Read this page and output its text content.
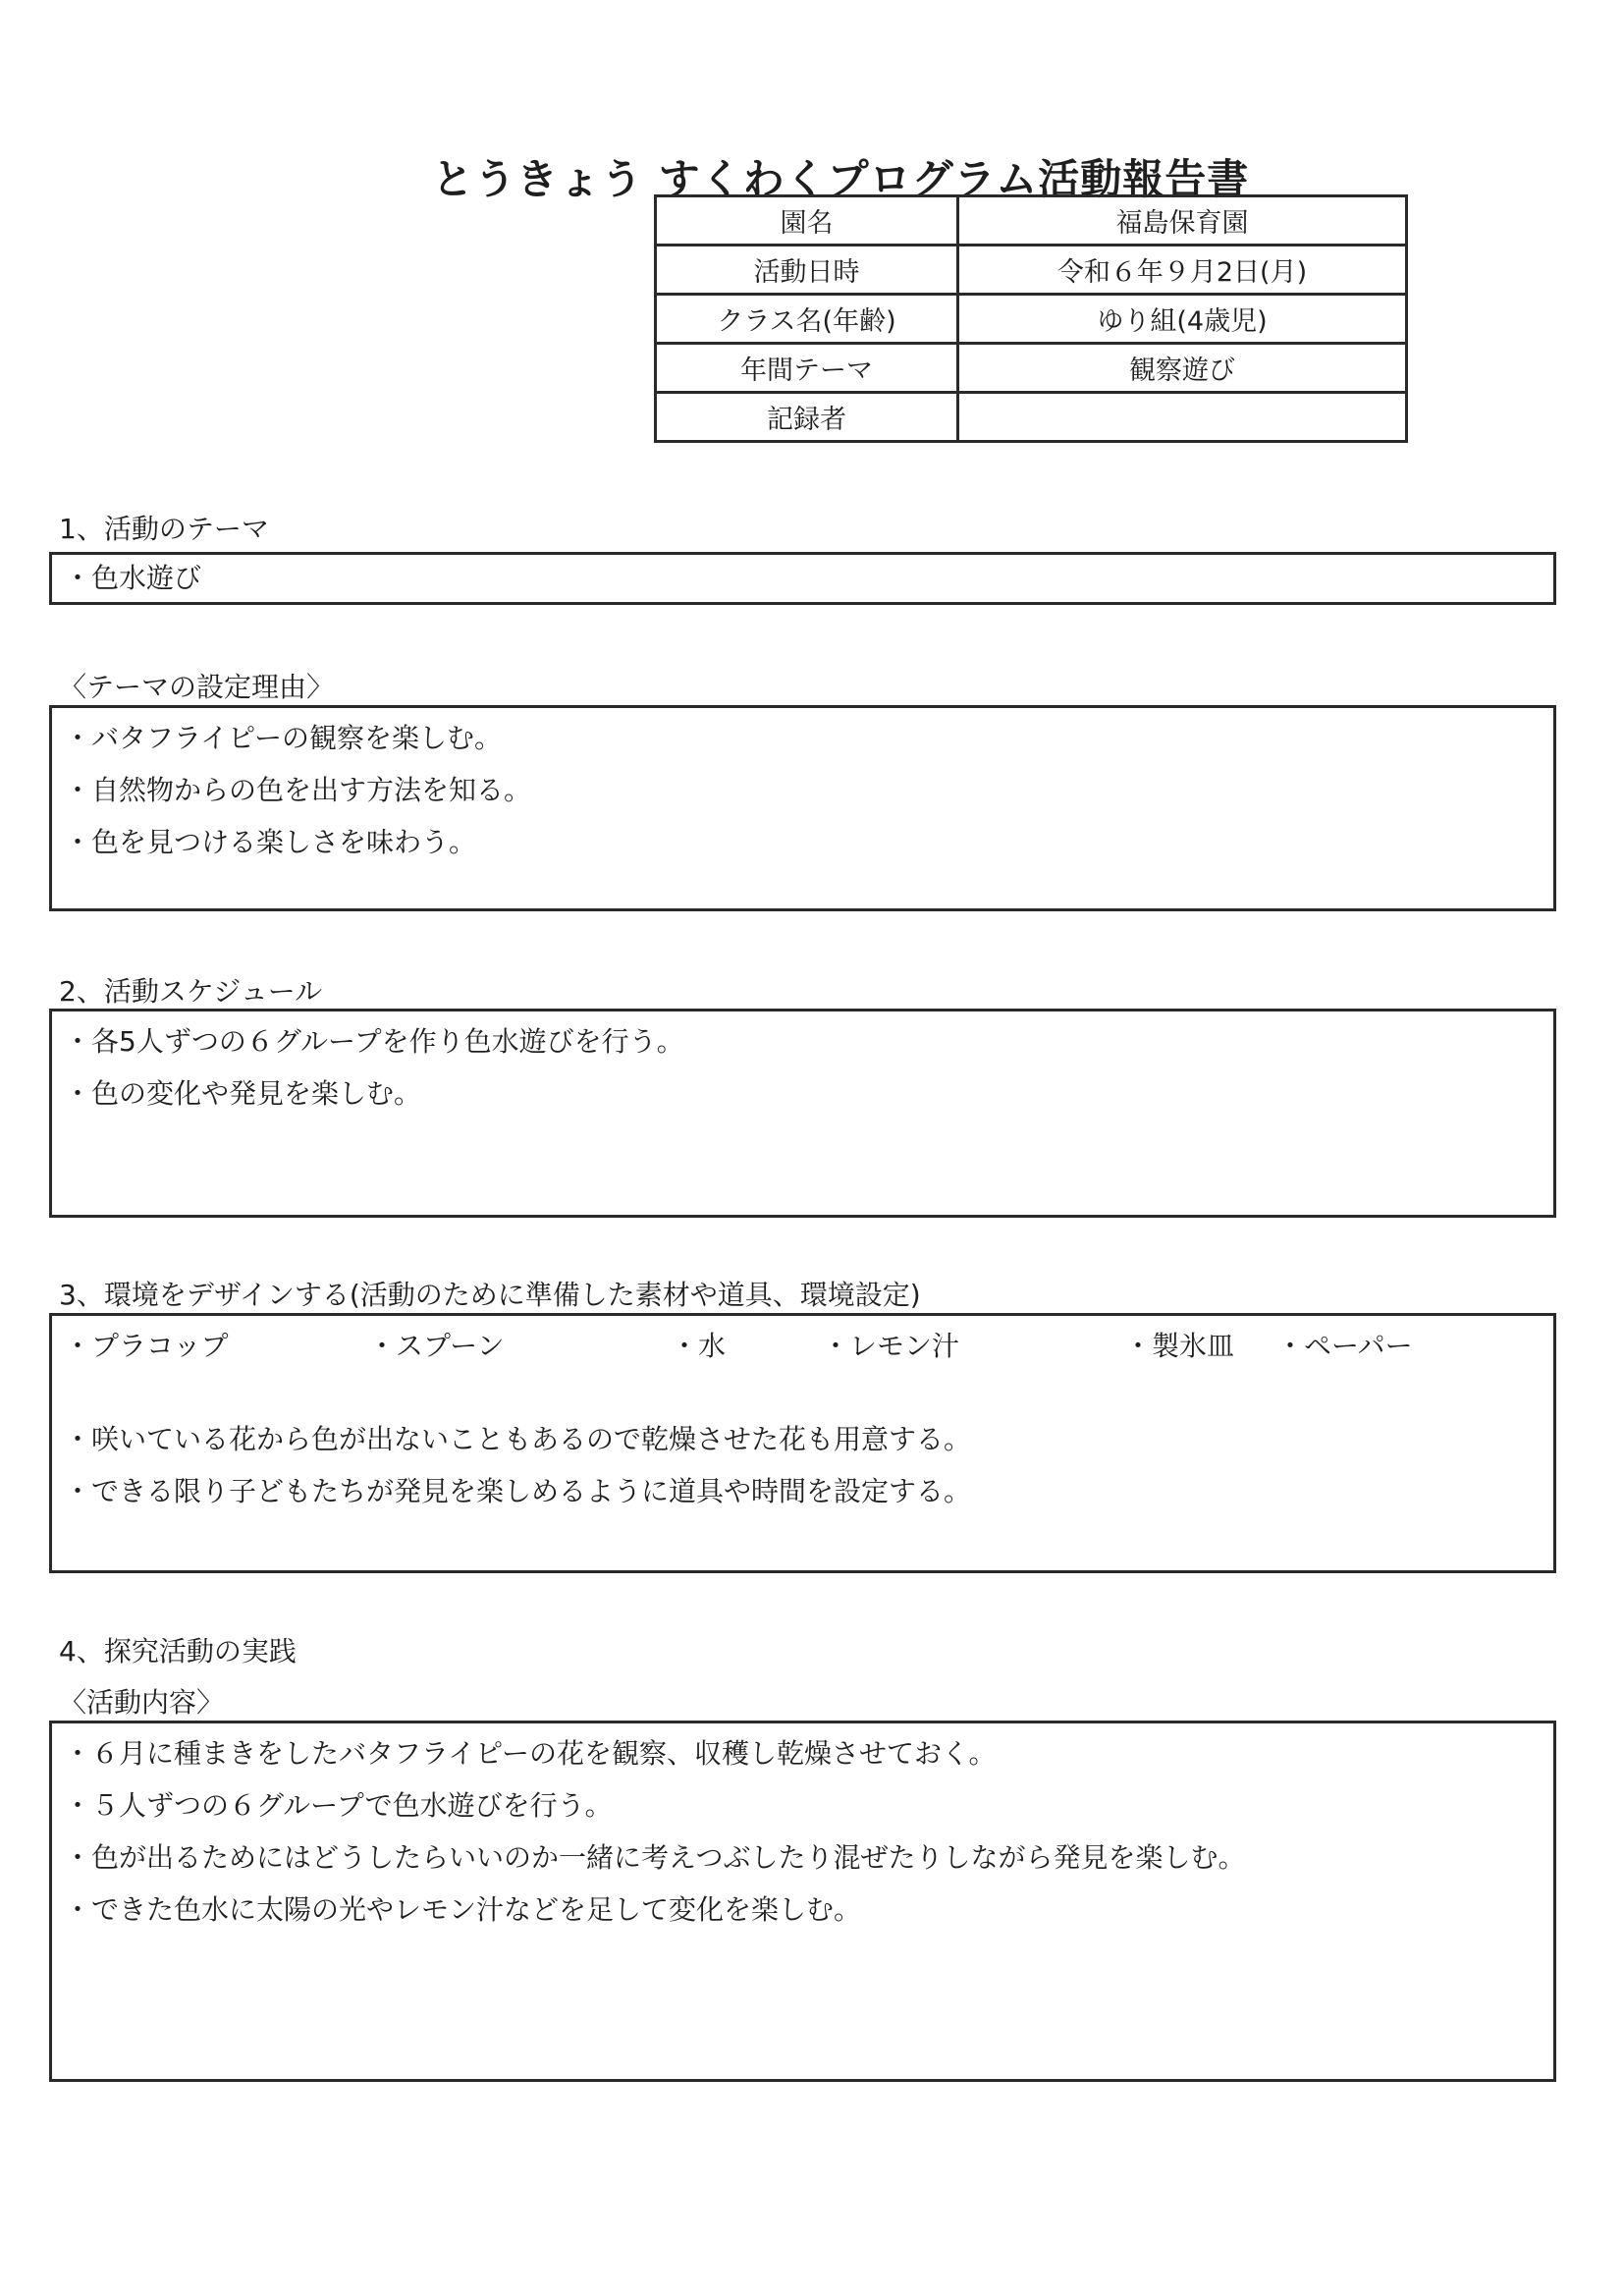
とうきょう すくわくプログラム活動報告書
園名	福島保育園
活動日時	令和６年９月2日(月)
クラス名(年齢)	ゆり組(4歳児)
年間テーマ	観察遊び
記録者	
1、活動のテーマ
・色水遊び
〈テーマの設定理由〉
・バタフライピーの観察を楽しむ。
・自然物からの色を出す方法を知る。
・色を見つける楽しさを味わう。
2、活動スケジュール
・各5人ずつの６グループを作り色水遊びを行う。
・色の変化や発見を楽しむ。
3、環境をデザインする(活動のために準備した素材や道具、環境設定)
・プラコップ	・スプーン	・水	・レモン汁	・製氷皿 ・ペーパー
・咲いている花から色が出ないこともあるので乾燥させた花も用意する。
・できる限り子どもたちが発見を楽しめるように道具や時間を設定する。
4、探究活動の実践
〈活動内容〉
・６月に種まきをしたバタフライピーの花を観察、収穫し乾燥させておく。
・５人ずつの６グループで色水遊びを行う。
・色が出るためにはどうしたらいいのか一緒に考えつぶしたり混ぜたりしながら発見を楽しむ。
・できた色水に太陽の光やレモン汁などを足して変化を楽しむ。
